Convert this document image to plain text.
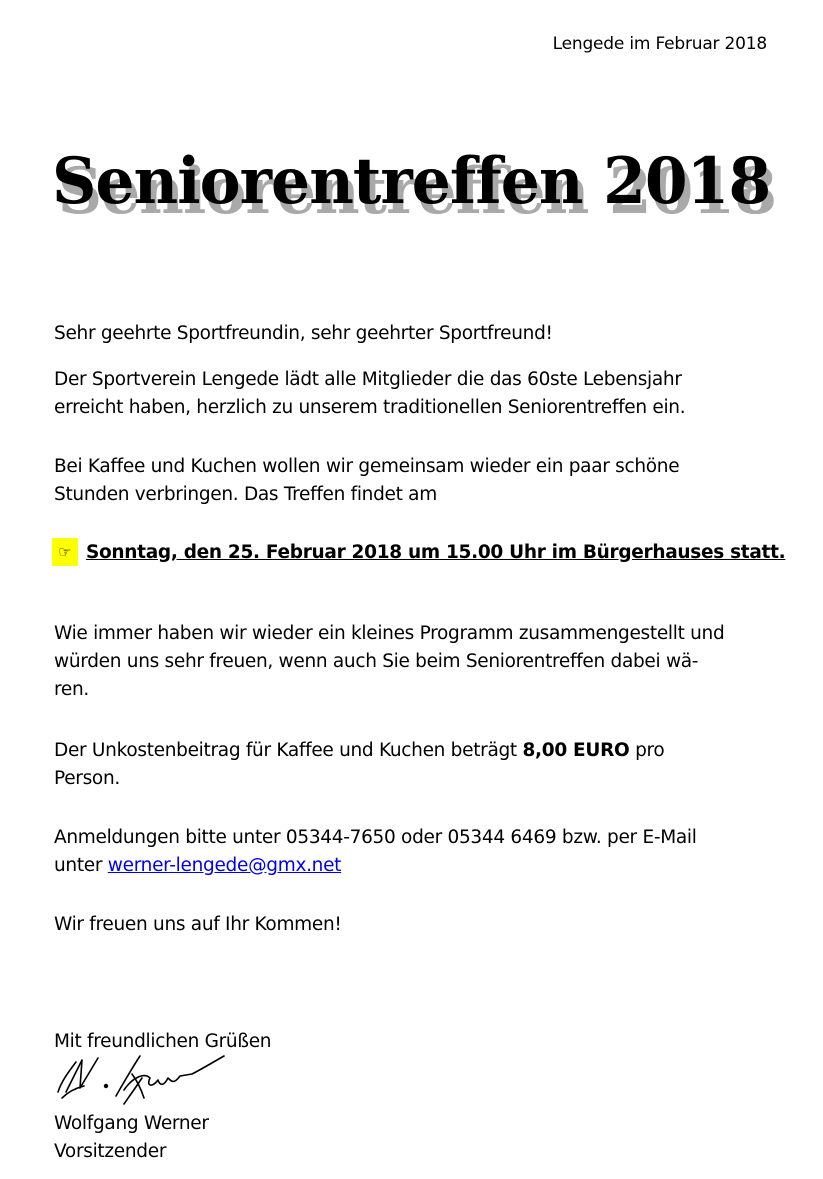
Lengede im Februar 2018
Seniorentreffen 2018
Sehr geehrte Sportfreundin, sehr geehrter Sportfreund!
Der Sportverein Lengede lädt alle Mitglieder die das 60ste Lebensjahr
erreicht haben, herzlich zu unserem traditionellen Seniorentreffen ein.
Bei Kaffee und Kuchen wollen wir gemeinsam wieder ein paar schöne
Stunden verbringen. Das Treffen findet am
☞ Sonntag, den 25. Februar 2018 um 15.00 Uhr im Bürgerhauses statt.
Wie immer haben wir wieder ein kleines Programm zusammengestellt und
würden uns sehr freuen, wenn auch Sie beim Seniorentreffen dabei wä-
ren.
Der Unkostenbeitrag für Kaffee und Kuchen beträgt 8,00 EURO pro
Person.
Anmeldungen bitte unter 05344-7650 oder 05344 6469 bzw. per E-Mail
unter werner-lengede@gmx.net
Wir freuen uns auf Ihr Kommen!
Mit freundlichen Grüßen
Wolfgang Werner
Vorsitzender
